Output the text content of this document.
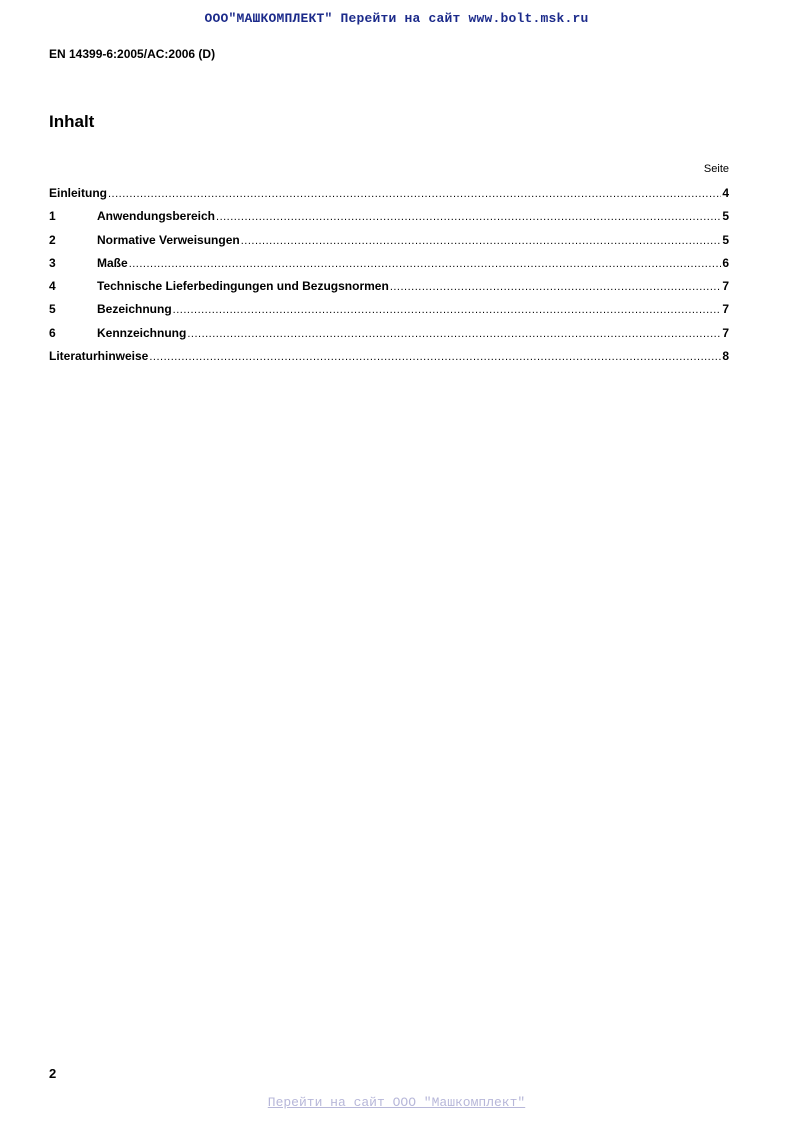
ООО"МАШКОМПЛЕКТ" Перейти на сайт www.bolt.msk.ru
EN 14399-6:2005/AC:2006 (D)
Inhalt
Seite
Einleitung .....	4
1	Anwendungsbereich .....	5
2	Normative Verweisungen .....	5
3	Maße .....	6
4	Technische Lieferbedingungen und Bezugsnormen .....	7
5	Bezeichnung .....	7
6	Kennzeichnung .....	7
Literaturhinweise .....	8
2
Перейти на сайт ООО "Машкомплект"
